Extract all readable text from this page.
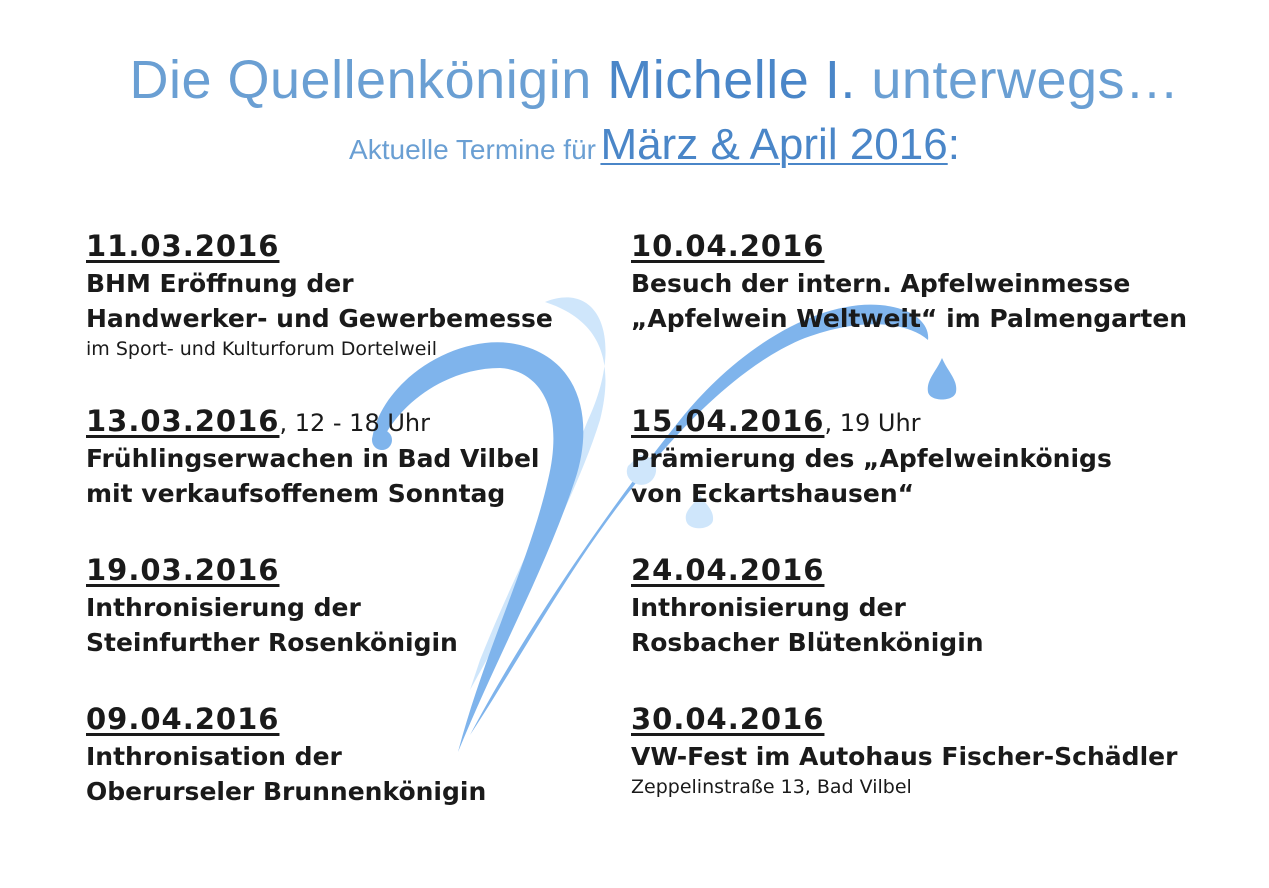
Die Quellenkönigin Michelle I. unterwegs…
Aktuelle Termine für März & April 2016:
11.03.2016
BHM Eröffnung der
Handwerker- und Gewerbemesse
im Sport- und Kulturforum Dortelweil
13.03.2016, 12 - 18 Uhr
Frühlingserwachen in Bad Vilbel
mit verkaufsoffenem Sonntag
19.03.2016
Inthronisierung der
Steinfurther Rosenkönigin
09.04.2016
Inthronisation der
Oberurseler Brunnenkönigin
10.04.2016
Besuch der intern. Apfelweinmesse
„Apfelwein Weltweit“ im Palmengarten
15.04.2016, 19 Uhr
Prämierung des „Apfelweinkönigs
von Eckartshausen“
24.04.2016
Inthronisierung der
Rosbacher Blütenkönigin
30.04.2016
VW-Fest im Autohaus Fischer-Schädler
Zeppelinstraße 13, Bad Vilbel
